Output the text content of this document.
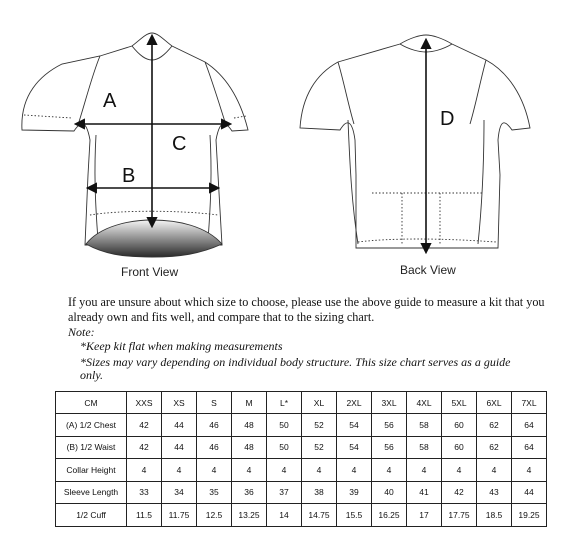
A
C
B
D
Front View	Back View
If you are unsure about which size to choose, please use the above guide to measure a kit that you already own and fits well, and compare that to the sizing chart.
Note:
*Keep kit flat when making measurements
*Sizes may vary depending on individual body structure. This size chart serves as a guide only.
CM	XXS	XS	S	M	L*	XL	2XL	3XL	4XL	5XL	6XL	7XL
(A) 1/2 Chest	42	44	46	48	50	52	54	56	58	60	62	64
(B) 1/2 Waist	42	44	46	48	50	52	54	56	58	60	62	64
Collar Height	4	4	4	4	4	4	4	4	4	4	4	4
Sleeve Length	33	34	35	36	37	38	39	40	41	42	43	44
1/2 Cuff	11.5	11.75	12.5	13.25	14	14.75	15.5	16.25	17	17.75	18.5	19.25
